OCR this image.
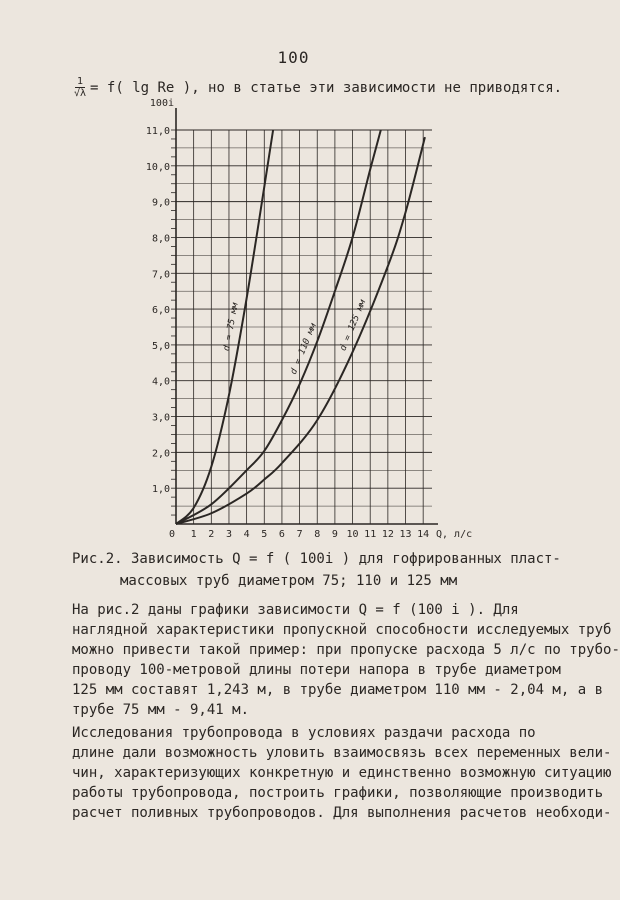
100
$\frac{1}{√\lambda} = f$( lg Re ), но в статье эти зависимости не приводятся.
1,0
2,0
3,0
4,0
5,0
6,0
7,0
8,0
9,0
10,0
11,0
0 1 2 3 4 5 6 7 8 9 10 11 12 13 14
100i
Q, л/с
d = 75 мм	d = 110 мм d = 125 мм
Рис.2. Зависимость Q = f ( 100i ) для гофрированных пласт-
массовых труб диаметром 75; 110 и 125 мм

На рис.2 даны графики зависимости Q = f (100 i ). Для
наглядной характеристики пропускной способности исследуемых труб
можно привести такой пример: при пропуске расхода 5 л/с по трубо-
проводу 100-метровой длины потери напора в трубе диаметром
125 мм составят 1,243 м, в трубе диаметром 110 мм - 2,04 м, а в
трубе 75 мм - 9,41 м.

Исследования трубопровода в условиях раздачи расхода по
длине дали возможность уловить взаимосвязь всех переменных вели-
чин, характеризующих конкретную и единственно возможную ситуацию
работы трубопровода, построить графики, позволяющие производить
расчет поливных трубопроводов. Для выполнения расчетов необходи-
